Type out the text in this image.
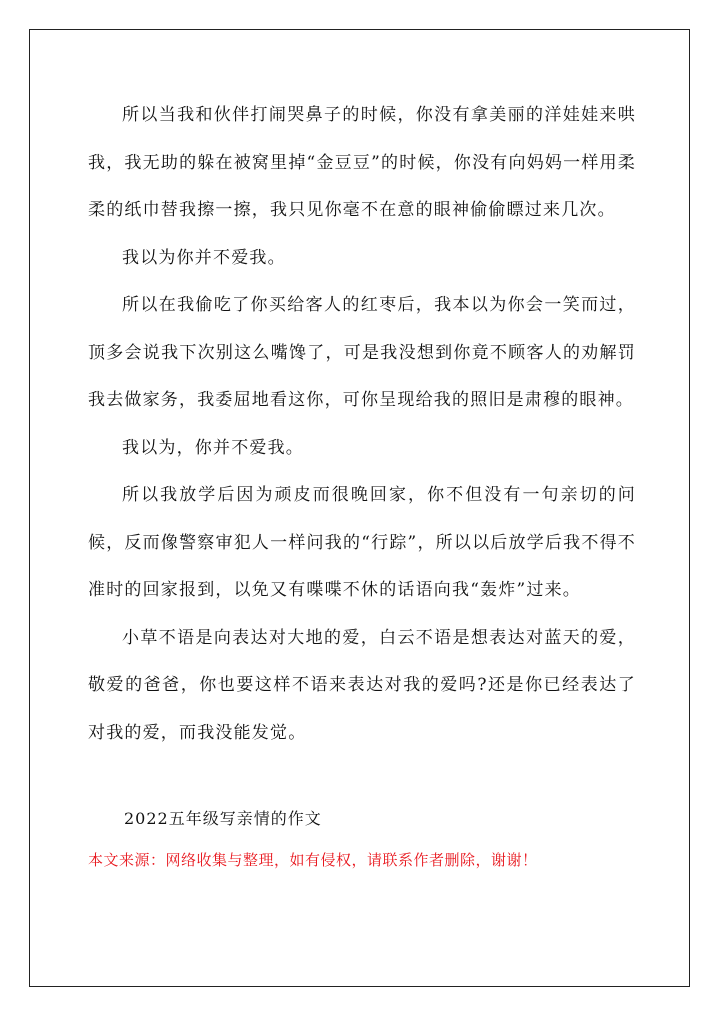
所以当我和伙伴打闹哭鼻子的时候，你没有拿美丽的洋娃娃来哄我，我无助的躲在被窝里掉“金豆豆”的时候，你没有向妈妈一样用柔柔的纸巾替我擦一擦，我只见你毫不在意的眼神偷偷瞟过来几次。

我以为你并不爱我。

所以在我偷吃了你买给客人的红枣后，我本以为你会一笑而过，顶多会说我下次别这么嘴馋了，可是我没想到你竟不顾客人的劝解罚我去做家务，我委屈地看这你，可你呈现给我的照旧是肃穆的眼神。

我以为，你并不爱我。

所以我放学后因为顽皮而很晚回家，你不但没有一句亲切的问候，反而像警察审犯人一样问我的“行踪”，所以以后放学后我不得不准时的回家报到，以免又有喋喋不休的话语向我“轰炸”过来。

小草不语是向表达对大地的爱，白云不语是想表达对蓝天的爱，敬爱的爸爸，你也要这样不语来表达对我的爱吗?还是你已经表达了对我的爱，而我没能发觉。

2022五年级写亲情的作文

本文来源：网络收集与整理，如有侵权，请联系作者删除，谢谢！
